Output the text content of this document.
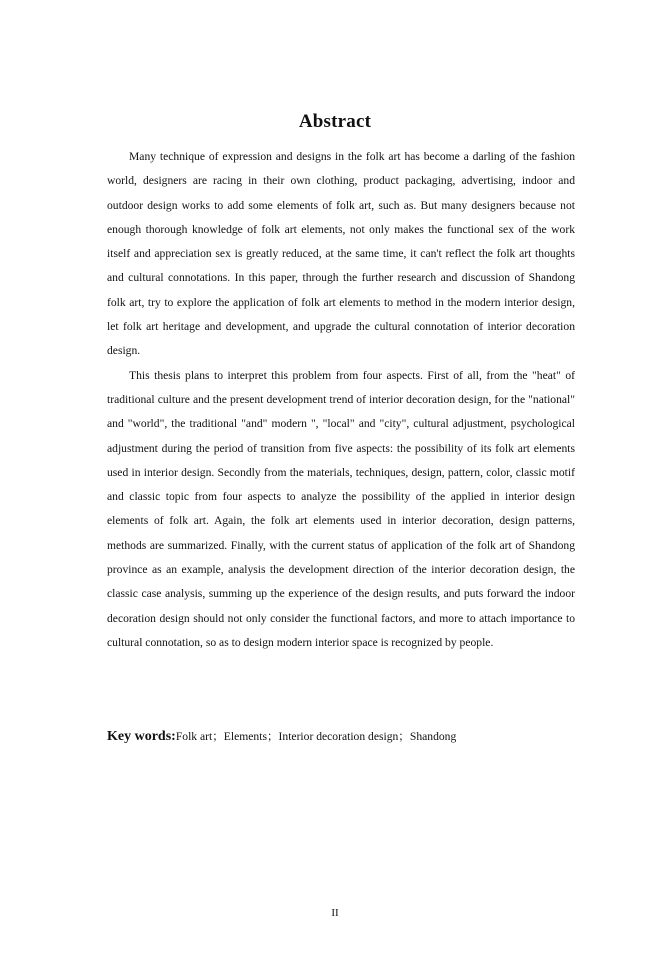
Abstract

Many technique of expression and designs in the folk art has become a darling of the fashion world, designers are racing in their own clothing, product packaging, advertising, indoor and outdoor design works to add some elements of folk art, such as. But many designers because not enough thorough knowledge of folk art elements, not only makes the functional sex of the work itself and appreciation sex is greatly reduced, at the same time, it can't reflect the folk art thoughts and cultural connotations. In this paper, through the further research and discussion of Shandong folk art, try to explore the application of folk art elements to method in the modern interior design, let folk art heritage and development, and upgrade the cultural connotation of interior decoration design.

This thesis plans to interpret this problem from four aspects. First of all, from the "heat" of traditional culture and the present development trend of interior decoration design, for the "national" and "world", the traditional "and" modern ", "local" and "city", cultural adjustment, psychological adjustment during the period of transition from five aspects: the possibility of its folk art elements used in interior design. Secondly from the materials, techniques, design, pattern, color, classic motif and classic topic from four aspects to analyze the possibility of the applied in interior design elements of folk art. Again, the folk art elements used in interior decoration, design patterns, methods are summarized. Finally, with the current status of application of the folk art of Shandong province as an example, analysis the development direction of the interior decoration design, the classic case analysis, summing up the experience of the design results, and puts forward the indoor decoration design should not only consider the functional factors, and more to attach importance to cultural connotation, so as to design modern interior space is recognized by people.

Key words:Folk art；Elements；Interior decoration design；Shandong
II
